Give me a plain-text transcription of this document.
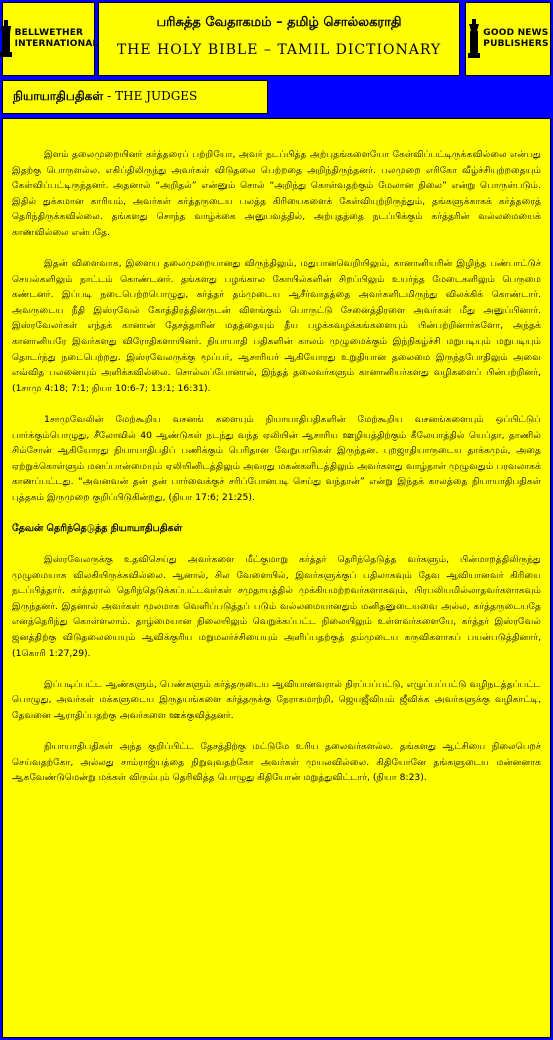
BELLWETHER
INTERNATIONAL
பரிசுத்த வேதாகமம் – தமிழ் சொல்லகராதி
THE HOLY BIBLE – TAMIL DICTIONARY
GOOD NEWS
PUBLISHERS
நியாயாதிபதிகள் - THE JUDGES

இளம் தலைமுறையினர் கர்த்தரைப் பற்றியோ, அவர் நடப்பித்த அற்புதங்களையோ கேள்விப்பட்டிருக்கவில்லை என்பது இதற்கு பொருளல்ல. எகிப்திலிருந்து அவர்கள் விடுதலை பெற்றதை அறிந்திருந்தனர். பலமுறை எரிகோ வீழ்ச்சியுற்றதையும் கேள்விப்பட்டிருந்தனர். அதனால் “அறிதல்” என்னும் சொல் “அறிந்து கொள்வதற்கும் மேலான நிலை” என்று பொருள்படும். இதில் துக்கமான காரியம், அவர்கள் கர்த்தருடைய பலத்த கிரியைகளைக் கேள்வியுற்றிருந்தும், தங்களுக்காகக் கர்த்தரைத் தெரிந்திருக்கவில்லை. தங்களது சொந்த வாழ்க்கை அனுபவத்தில், அற்புதத்தை நடப்பிக்கும் கர்த்தரின் வல்லமையைக் காணவில்லை என்பதே.

இதன் விளைவாக, இளைய தலைமுறையானது விருந்திலும், மதுபானவெறியிலும், கானானியரின் இழிந்த பண்பாட்டுச் செயல்களிலும் நாட்டம் கொண்டனர். தங்களது பழங்கால கோயில்களின் சிறப்பிலும் உயர்ந்த மேடைகளிலும் பெருமை கண்டனர். இப்படி நடைபெற்றபொழுது, கர்த்தர் தம்முடைய ஆசீர்வாதத்தை அவர்களிடமிருந்து விலக்கிக் கொண்டார். அவருடைய நீதி இஸ்ரவேல் கோத்திரத்தினருடன் விளங்கும் பொருட்டு சேனைத்திரளை அவர்கள் மீது அனுப்பினார். இஸ்ரவேலர்கள் எந்தக் கானான் தேசத்தாரின் மதத்தையும் தீய பழக்கவழக்கங்களையும் பின்பற்றினார்களோ, அந்தக் கானானியரே இவர்களது விரோதிகளாயினர். நியாயாதி பதிகளின் காலம் முழுமைக்கும் இந்நிகழ்ச்சி மறுபடியும் மறுபடியும் தொடர்ந்து நடைபெற்றது. இஸ்ரவேலருக்கு மூப்பர், ஆசாரியர் ஆகியோரது உறுதியான தலைமை இருந்தபோதிலும் அவை எவ்வித பலனையும் அளிக்கவில்லை. சொல்லப்போனால், இந்தத் தலைவர்களும் கானானியர்களது வழிகளைப் பின்பற்றினர், (1சாமு 4:18; 7:1; நியா 10:6-7; 13:1; 16:31).

1சாமுவேலின் மேற்கூறிய வசனங் களையும் நியாயாதிபதிகளின் மேற்கூறிய வசனங்களையும் ஒப்பிட்டுப் பார்க்கும்பொழுது, சீலோவில் 40 ஆண்டுகள் நடந்து வந்த ஏலியின் ஆசாரிய ஊழியத்திற்கும் கீலேயாத்தில் யெப்தா, தாணில் சிம்சோன் ஆகியோரது நியாயாதிபதிப் பணிக்கும் பெரிதான வேறுபாடுகள் இருந்தன. புறஜாதியாருடைய தாக்கமும், அதை ஏற்றுக்கொள்ளும் மனப்பான்மையும் ஏலியினிடத்திலும் அவரது மகன்களிடத்திலும் அவர்களது வாழ்நாள் முழுவதும் பரவலாகக் காணப்பட்டது. “அவனவன் தன் தன் பார்வைக்குச் சரிப்போனபடி செய்து வந்தான்” என்று இந்தக் காலத்தை நியாயாதிபதிகள் புத்தகம் இருமுறை குறிப்பிடுகின்றது, (நியா 17:6; 21:25).

தேவன் தெரிந்தெடுத்த நியாயாதிபதிகள்

இஸ்ரவேலருக்கு உதவிசெய்து அவர்களை மீட்குமாறு கர்த்தர் தெரிந்தெடுத்த வர்களும், பின்மாறத்திலிருந்து முழுமையாக விலகியிருக்கவில்லை. ஆனால், சில வேளையில், இவர்களுக்குப் பதிலாகவும் தேவ ஆவியானவர் கிரியை நடப்பித்தார். கர்த்தரால் தெரிந்தெடுக்கப்பட்டவர்கள் சமுதாயத்தில் முக்கியமற்றவர்களாகவும், பிரபலியமில்லாதவர்களாகவும் இருந்தனர். இதனால் அவர்கள் மூலமாக வெளிப்படுத்தப் படும் வல்லமையானதும் மனிதனுடையவை அல்ல, கர்த்தருடையதே எனத்தெரிந்து கொள்ளலாம். தாழ்மையான நிலையிலும் வெறுக்கப்பட்ட நிலையிலும் உள்ளவர்களையே, கர்த்தர் இஸ்ரவேல் ஜனத்திற்கு விடுதலையையும் ஆவிக்குரிய மறுமலர்ச்சியையும் அளிப்பதற்குத் தம்முடைய கருவிகளாகப் பயன்படுத்தினார், (1கொரி 1:27,29).

இப்படிப்பட்ட ஆண்களும், பெண்களும் கர்த்தருடைய ஆவியானவரால் நிரப்பப்பட்டு, எழுப்பப்பட்டு வழிநடத்தப்பட்ட பொழுது, அவர்கள் மக்களுடைய இருதயங்களை கர்த்தருக்கு நேராகமாற்றி, ஜெயஜீவியம் ஜீவிக்க அவர்களுக்கு வழிகாட்டி, தேவனை ஆராதிப்பதற்கு அவர்களை ஊக்குவித்தனர்.

நியாயாதிபதிகள் அந்த குறிப்பிட்ட தேசத்திற்கு மட்டுமே உரிய தலைவர்களல்ல. தங்களது ஆட்சியை நிலைபெறச் செய்வதற்கோ, அல்லது சாம்ராஜ்யத்தை நிறுவுவதற்கோ அவர்கள் முயலவில்லை. கிதியோனே தங்களுடைய மன்னனாக ஆகவேண்டுமென்று மக்கள் விரும்பும் தெரிவித்த பொழுது கிதியோன் மறுத்துவிட்டார், (நியா 8:23).
